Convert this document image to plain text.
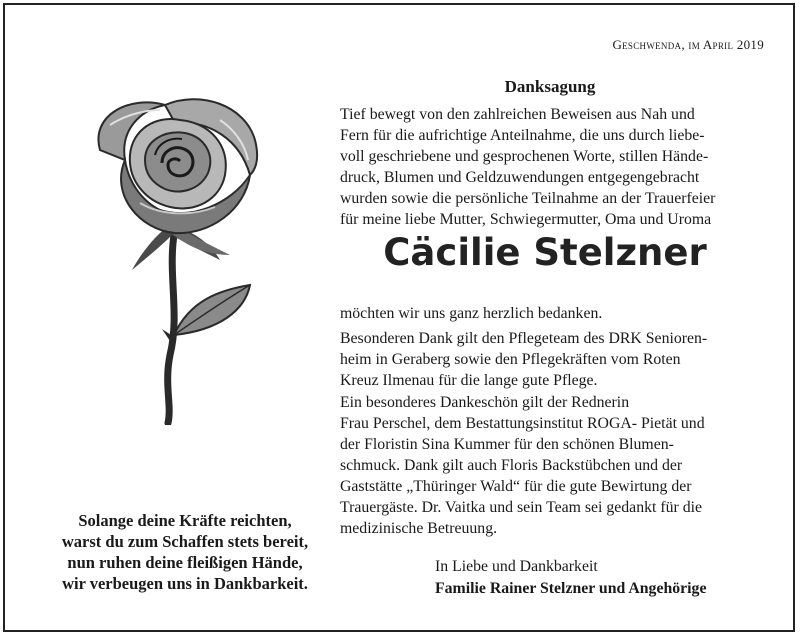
Geschwenda, im April 2019
Danksagung
Tief bewegt von den zahlreichen Beweisen aus Nah und
Fern für die aufrichtige Anteilnahme, die uns durch liebe-
voll geschriebene und gesprochenen Worte, stillen Hände-
druck, Blumen und Geldzuwendungen entgegengebracht
wurden sowie die persönliche Teilnahme an der Trauerfeier
für meine liebe Mutter, Schwiegermutter, Oma und Uroma
Cäcilie Stelzner
möchten wir uns ganz herzlich bedanken.
Besonderen Dank gilt den Pflegeteam des DRK Senioren-
heim in Geraberg sowie den Pflegekräften vom Roten
Kreuz Ilmenau für die lange gute Pflege.
Ein besonderes Dankeschön gilt der Rednerin
Frau Perschel, dem Bestattungsinstitut ROGA- Pietät und
der Floristin Sina Kummer für den schönen Blumen-
schmuck. Dank gilt auch Floris Backstübchen und der
Gaststätte „Thüringer Wald“ für die gute Bewirtung der
Trauergäste. Dr. Vaitka und sein Team sei gedankt für die
medizinische Betreuung.
In Liebe und Dankbarkeit
Familie Rainer Stelzner und Angehörige
Solange deine Kräfte reichten,
warst du zum Schaffen stets bereit,
nun ruhen deine fleißigen Hände,
wir verbeugen uns in Dankbarkeit.
